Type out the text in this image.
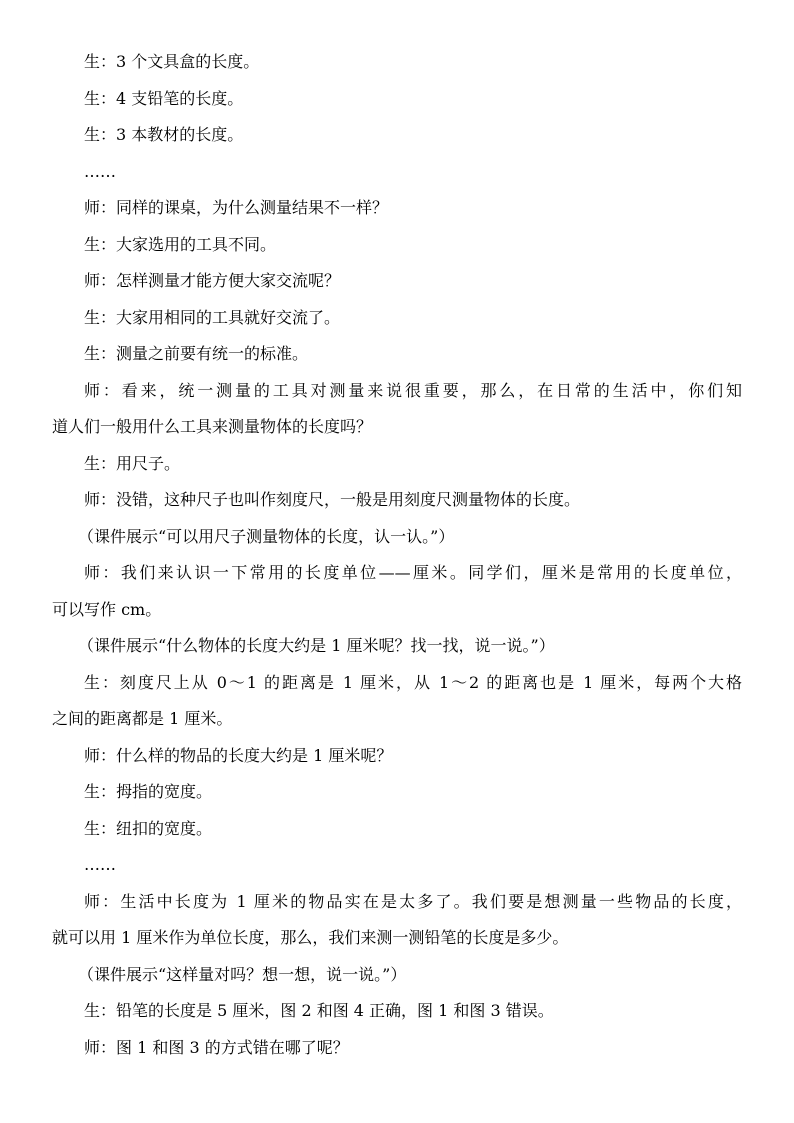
生：3 个文具盒的长度。
生：4 支铅笔的长度。
生：3 本教材的长度。
……
师：同样的课桌，为什么测量结果不一样？
生：大家选用的工具不同。
师：怎样测量才能方便大家交流呢？
生：大家用相同的工具就好交流了。
生：测量之前要有统一的标准。
师：看来，统一测量的工具对测量来说很重要，那么，在日常的生活中，你们知
道人们一般用什么工具来测量物体的长度吗？
生：用尺子。
师：没错，这种尺子也叫作刻度尺，一般是用刻度尺测量物体的长度。
（课件展示“可以用尺子测量物体的长度，认一认。”）
师：我们来认识一下常用的长度单位——厘米。同学们，厘米是常用的长度单位，
可以写作 cm。
（课件展示“什么物体的长度大约是 1 厘米呢？找一找，说一说。”）
生：刻度尺上从 0～1 的距离是 1 厘米，从 1～2 的距离也是 1 厘米，每两个大格
之间的距离都是 1 厘米。
师：什么样的物品的长度大约是 1 厘米呢？
生：拇指的宽度。
生：纽扣的宽度。
……
师：生活中长度为 1 厘米的物品实在是太多了。我们要是想测量一些物品的长度，
就可以用 1 厘米作为单位长度，那么，我们来测一测铅笔的长度是多少。
（课件展示“这样量对吗？想一想，说一说。”）
生：铅笔的长度是 5 厘米，图 2 和图 4 正确，图 1 和图 3 错误。
师：图 1 和图 3 的方式错在哪了呢？
